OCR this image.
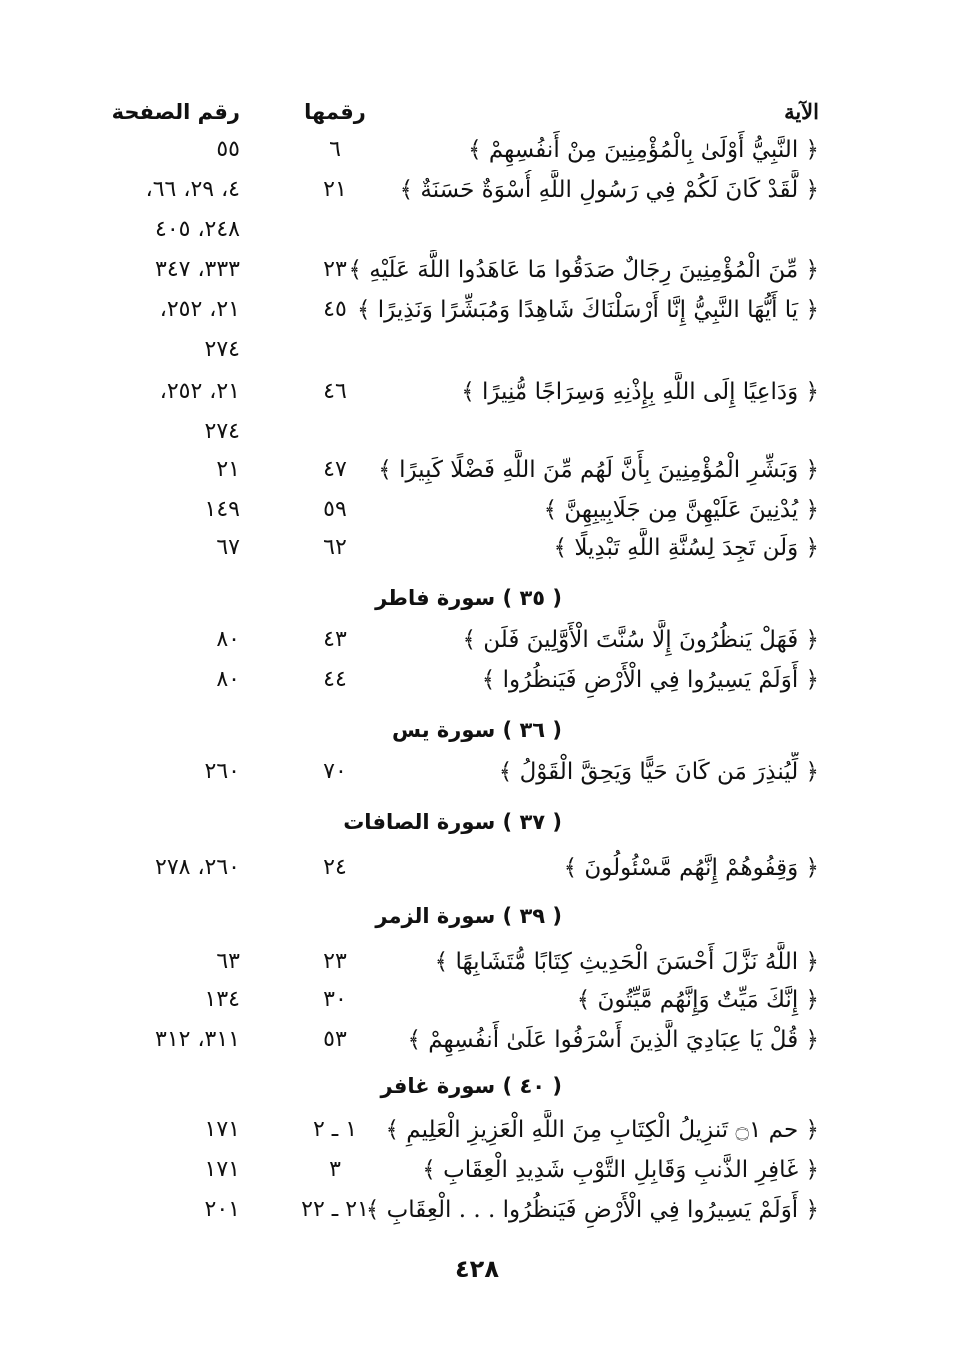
الآية
رقمها
رقم الصفحة
﴿ النَّبِيُّ أَوْلَىٰ بِالْمُؤْمِنِينَ مِنْ أَنفُسِهِمْ ﴾
٦
٥٥
﴿ لَّقَدْ كَانَ لَكُمْ فِي رَسُولِ اللَّهِ أُسْوَةٌ حَسَنَةٌ ﴾
٢١
٤، ٢٩، ٦٦،
٢٤٨، ٤٠٥
﴿ مِّنَ الْمُؤْمِنِينَ رِجَالٌ صَدَقُوا مَا عَاهَدُوا اللَّهَ عَلَيْهِ ﴾
٢٣
٣٣٣، ٣٤٧
﴿ يَا أَيُّهَا النَّبِيُّ إِنَّا أَرْسَلْنَاكَ شَاهِدًا وَمُبَشِّرًا وَنَذِيرًا ﴾
٤٥
٢١، ٢٥٢،
٢٧٤
﴿ وَدَاعِيًا إِلَى اللَّهِ بِإِذْنِهِ وَسِرَاجًا مُّنِيرًا ﴾
٤٦
٢١، ٢٥٢،
٢٧٤
﴿ وَبَشِّرِ الْمُؤْمِنِينَ بِأَنَّ لَهُم مِّنَ اللَّهِ فَضْلًا كَبِيرًا ﴾
٤٧
٢١
﴿ يُدْنِينَ عَلَيْهِنَّ مِن جَلَابِيبِهِنَّ ﴾
٥٩
١٤٩
﴿ وَلَن تَجِدَ لِسُنَّةِ اللَّهِ تَبْدِيلًا ﴾
٦٢
٦٧
( ٣٥ ) سورة فاطر
﴿ فَهَلْ يَنظُرُونَ إِلَّا سُنَّتَ الْأَوَّلِينَ فَلَن ﴾
٤٣
٨٠
﴿ أَوَلَمْ يَسِيرُوا فِي الْأَرْضِ فَيَنظُرُوا ﴾
٤٤
٨٠
( ٣٦ ) سورة يس
﴿ لِّيُنذِرَ مَن كَانَ حَيًّا وَيَحِقَّ الْقَوْلُ ﴾
٧٠
٢٦٠
( ٣٧ ) سورة الصافات
﴿ وَقِفُوهُمْ إِنَّهُم مَّسْئُولُونَ ﴾
٢٤
٢٦٠، ٢٧٨
( ٣٩ ) سورة الزمر
﴿ اللَّهُ نَزَّلَ أَحْسَنَ الْحَدِيثِ كِتَابًا مُّتَشَابِهًا ﴾
٢٣
٦٣
﴿ إِنَّكَ مَيِّتٌ وَإِنَّهُم مَّيِّتُونَ ﴾
٣٠
١٣٤
﴿ قُلْ يَا عِبَادِيَ الَّذِينَ أَسْرَفُوا عَلَىٰ أَنفُسِهِمْ ﴾
٥٣
٣١١، ٣١٢
( ٤٠ ) سورة غافر
﴿ حم ۝١ تَنزِيلُ الْكِتَابِ مِنَ اللَّهِ الْعَزِيزِ الْعَلِيمِ ﴾
١ ـ ٢
١٧١
﴿ غَافِرِ الذَّنبِ وَقَابِلِ التَّوْبِ شَدِيدِ الْعِقَابِ ﴾
٣
١٧١
﴿ أَوَلَمْ يَسِيرُوا فِي الْأَرْضِ فَيَنظُرُوا . . . الْعِقَابِ ﴾
٢١ ـ ٢٢
٢٠١
٤٢٨
